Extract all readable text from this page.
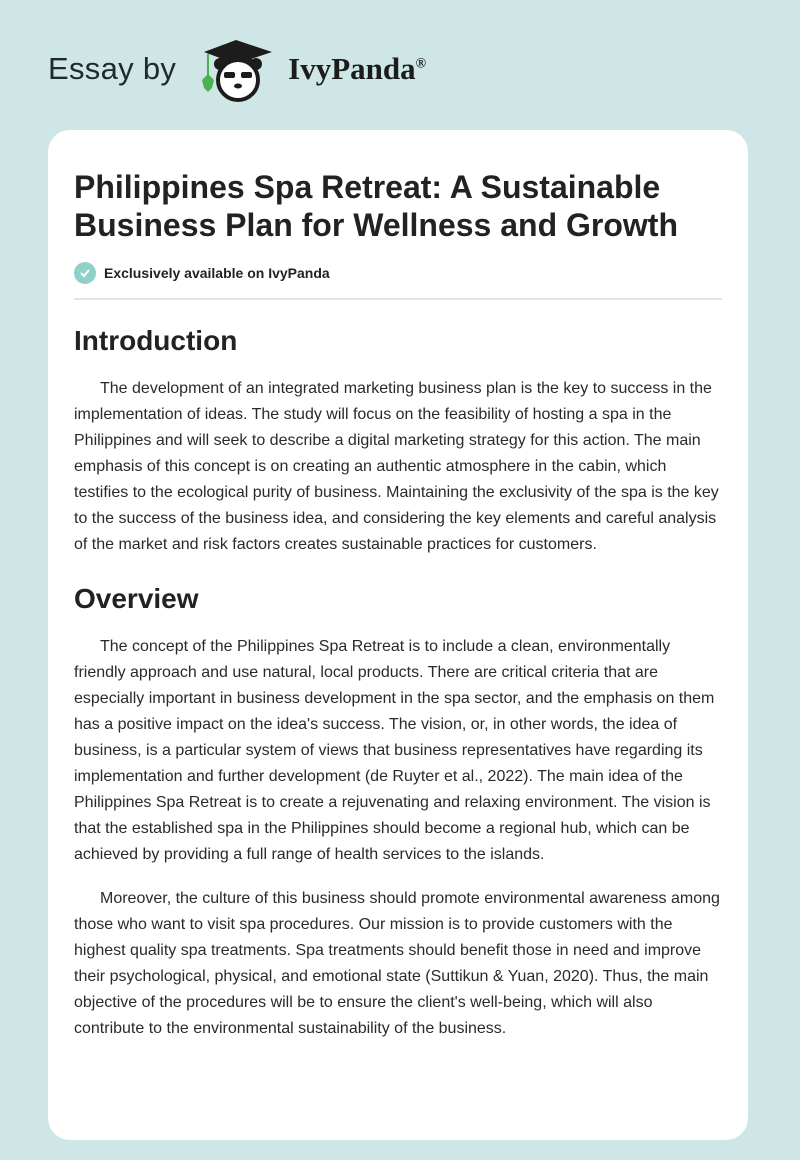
Essay by	IvyPanda®
Philippines Spa Retreat: A Sustainable Business Plan for Wellness and Growth
Exclusively available on IvyPanda
Introduction

The development of an integrated marketing business plan is the key to success in the implementation of ideas. The study will focus on the feasibility of hosting a spa in the Philippines and will seek to describe a digital marketing strategy for this action. The main emphasis of this concept is on creating an authentic atmosphere in the cabin, which testifies to the ecological purity of business. Maintaining the exclusivity of the spa is the key to the success of the business idea, and considering the key elements and careful analysis of the market and risk factors creates sustainable practices for customers.

Overview

The concept of the Philippines Spa Retreat is to include a clean, environmentally friendly approach and use natural, local products. There are critical criteria that are especially important in business development in the spa sector, and the emphasis on them has a positive impact on the idea's success. The vision, or, in other words, the idea of business, is a particular system of views that business representatives have regarding its implementation and further development (de Ruyter et al., 2022). The main idea of the Philippines Spa Retreat is to create a rejuvenating and relaxing environment. The vision is that the established spa in the Philippines should become a regional hub, which can be achieved by providing a full range of health services to the islands.

Moreover, the culture of this business should promote environmental awareness among those who want to visit spa procedures. Our mission is to provide customers with the highest quality spa treatments. Spa treatments should benefit those in need and improve their psychological, physical, and emotional state (Suttikun & Yuan, 2020). Thus, the main objective of the procedures will be to ensure the client's well-being, which will also contribute to the environmental sustainability of the business.
